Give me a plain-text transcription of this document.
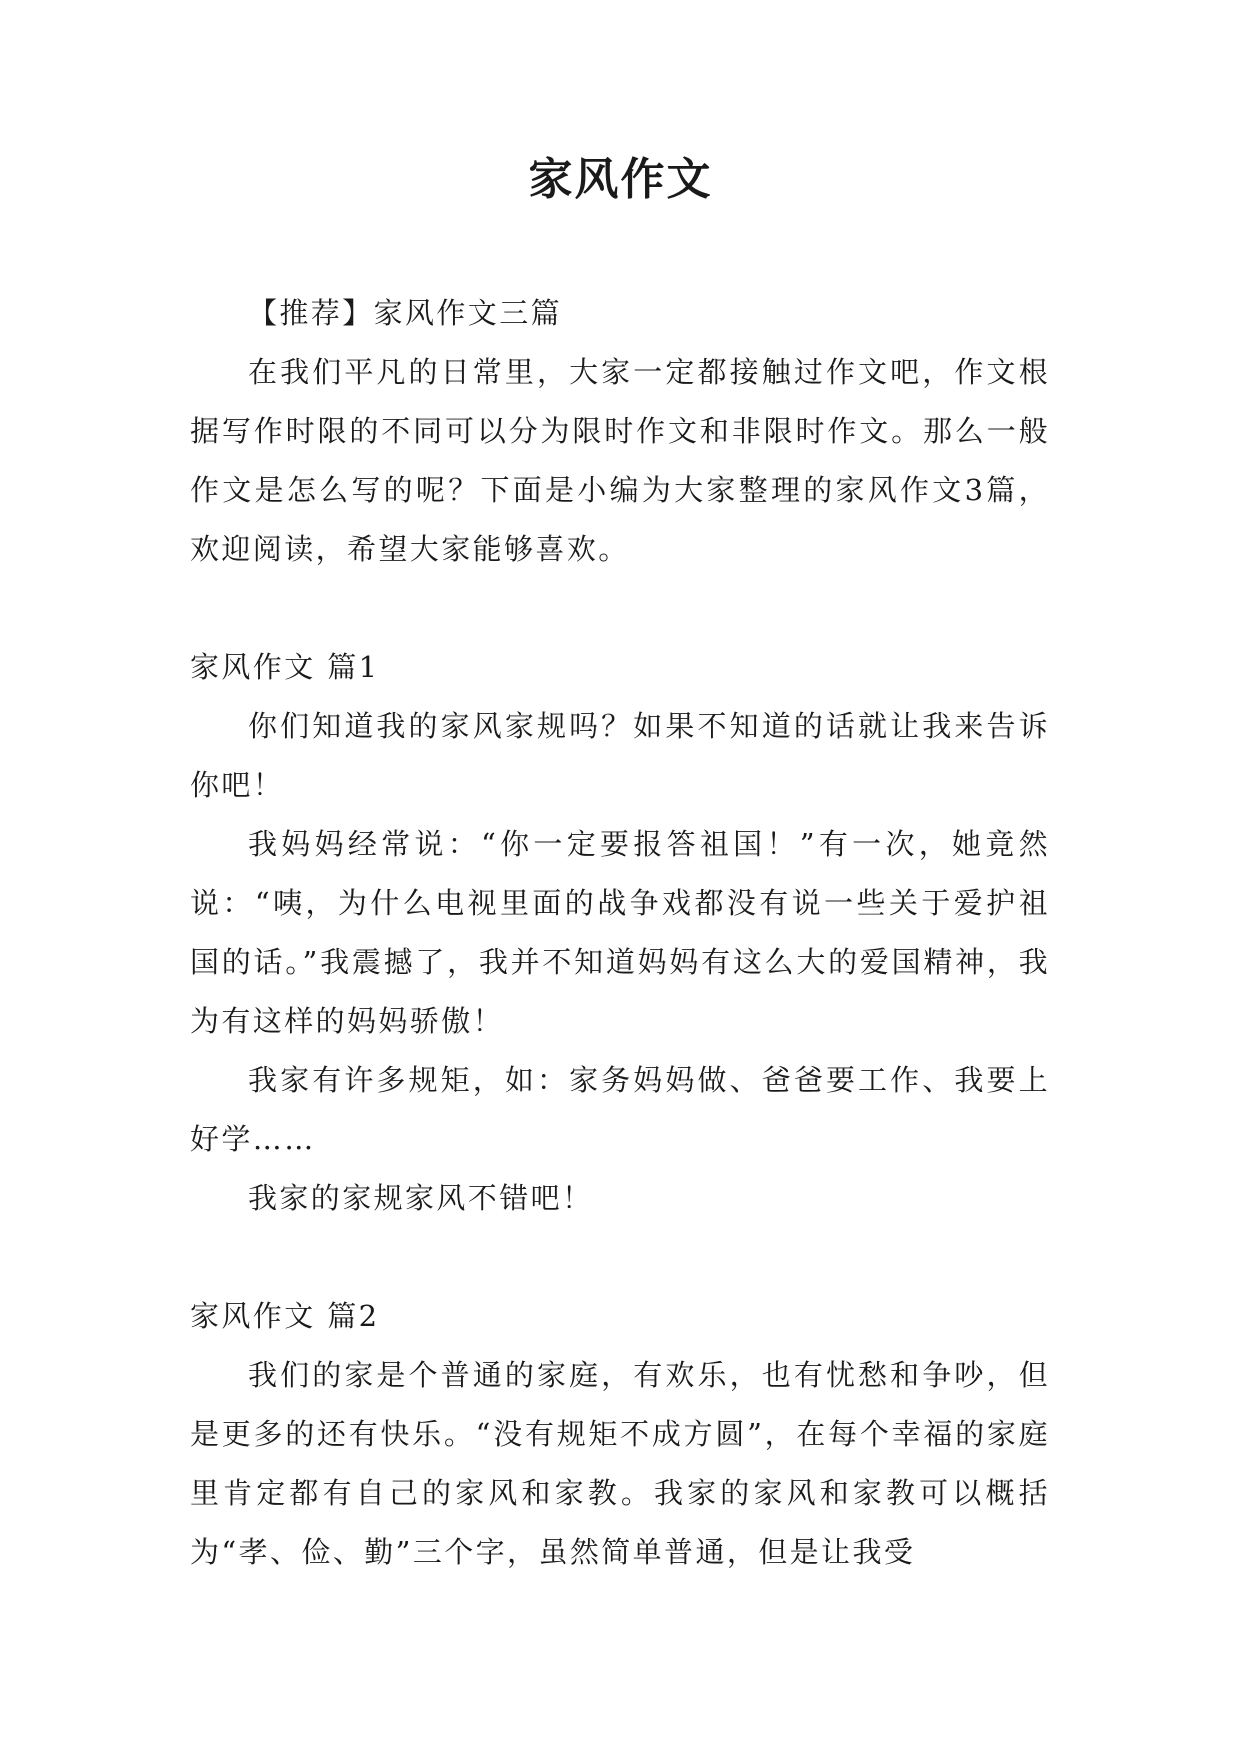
家风作文

【推荐】家风作文三篇

在我们平凡的日常里，大家一定都接触过作文吧，作文根据写作时限的不同可以分为限时作文和非限时作文。那么一般作文是怎么写的呢？下面是小编为大家整理的家风作文3篇，欢迎阅读，希望大家能够喜欢。

家风作文 篇1

你们知道我的家风家规吗？如果不知道的话就让我来告诉你吧！

我妈妈经常说：“你一定要报答祖国！”有一次，她竟然说：“咦，为什么电视里面的战争戏都没有说一些关于爱护祖国的话。”我震撼了，我并不知道妈妈有这么大的爱国精神，我为有这样的妈妈骄傲！

我家有许多规矩，如：家务妈妈做、爸爸要工作、我要上好学……

我家的家规家风不错吧！

家风作文 篇2

我们的家是个普通的家庭，有欢乐，也有忧愁和争吵，但是更多的还有快乐。“没有规矩不成方圆”，在每个幸福的家庭里肯定都有自己的家风和家教。我家的家风和家教可以概括为“孝、俭、勤”三个字，虽然简单普通，但是让我受
